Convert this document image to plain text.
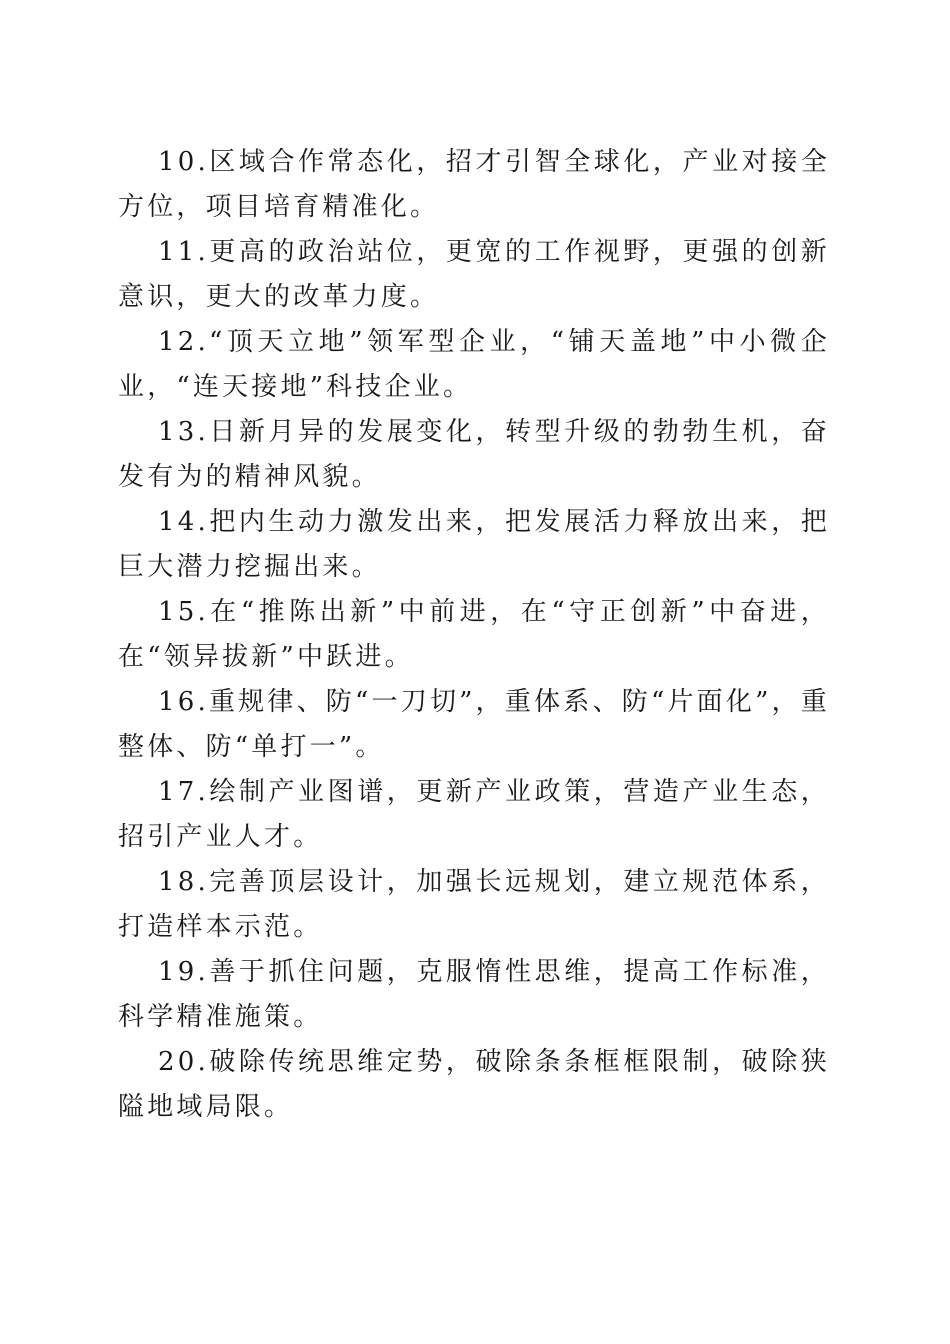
10.区域合作常态化，招才引智全球化，产业对接全方位，项目培育精准化。

11.更高的政治站位，更宽的工作视野，更强的创新意识，更大的改革力度。

12.“顶天立地”领军型企业，“铺天盖地”中小微企业，“连天接地”科技企业。

13.日新月异的发展变化，转型升级的勃勃生机，奋发有为的精神风貌。

14.把内生动力激发出来，把发展活力释放出来，把巨大潜力挖掘出来。

15.在“推陈出新”中前进，在“守正创新”中奋进，在“领异拔新”中跃进。

16.重规律、防“一刀切”，重体系、防“片面化”，重整体、防“单打一”。

17.绘制产业图谱，更新产业政策，营造产业生态，招引产业人才。

18.完善顶层设计，加强长远规划，建立规范体系，打造样本示范。

19.善于抓住问题，克服惰性思维，提高工作标准，科学精准施策。

20.破除传统思维定势，破除条条框框限制，破除狭隘地域局限。
